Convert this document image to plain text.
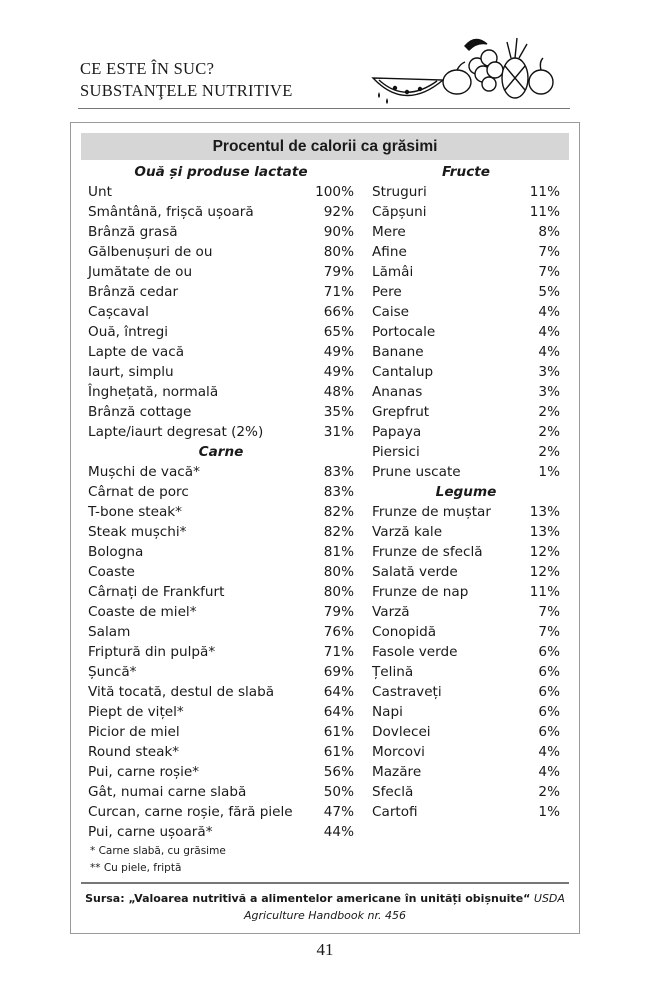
CE ESTE ÎN SUC?
SUBSTANŢELE NUTRITIVE
Procentul de calorii ca grăsimi
Ouă și produse lactate
Unt	100%
Smântână, frișcă ușoară	92%
Brânză grasă	90%
Gălbenușuri de ou	80%
Jumătate de ou	79%
Brânză cedar	71%
Cașcaval	66%
Ouă, întregi	65%
Lapte de vacă	49%
Iaurt, simplu	49%
Înghețată, normală	48%
Brânză cottage	35%
Lapte/iaurt degresat (2%)	31%
Carne
Mușchi de vacă*	83%
Cârnat de porc	83%
T-bone steak*	82%
Steak mușchi*	82%
Bologna	81%
Coaste	80%
Cârnați de Frankfurt	80%
Coaste de miel*	79%
Salam	76%
Friptură din pulpă*	71%
Șuncă*	69%
Vită tocată, destul de slabă	64%
Piept de vițel*	64%
Picior de miel	61%
Round steak*	61%
Pui, carne roșie*	56%
Gât, numai carne slabă	50%
Curcan, carne roșie, fără piele 47%
Pui, carne ușoară*	44%
Fructe
Struguri	11%
Căpșuni	11%
Mere	8%
Afine	7%
Lămâi	7%
Pere	5%
Caise	4%
Portocale	4%
Banane	4%
Cantalup	3%
Ananas	3%
Grepfrut	2%
Papaya	2%
Piersici	2%
Prune uscate	1%
Legume
Frunze de muștar	13%
Varză kale	13%
Frunze de sfeclă	12%
Salată verde	12%
Frunze de nap	11%
Varză	7%
Conopidă	7%
Fasole verde	6%
Țelină	6%
Castraveți	6%
Napi	6%
Dovlecei	6%
Morcovi	4%
Mazăre	4%
Sfeclă	2%
Cartofi	1%
* Carne slabă, cu grăsime
** Cu piele, friptă
Sursa: „Valoarea nutritivă a alimentelor americane în unități obișnuite“ USDA Agriculture Handbook nr. 456
41
